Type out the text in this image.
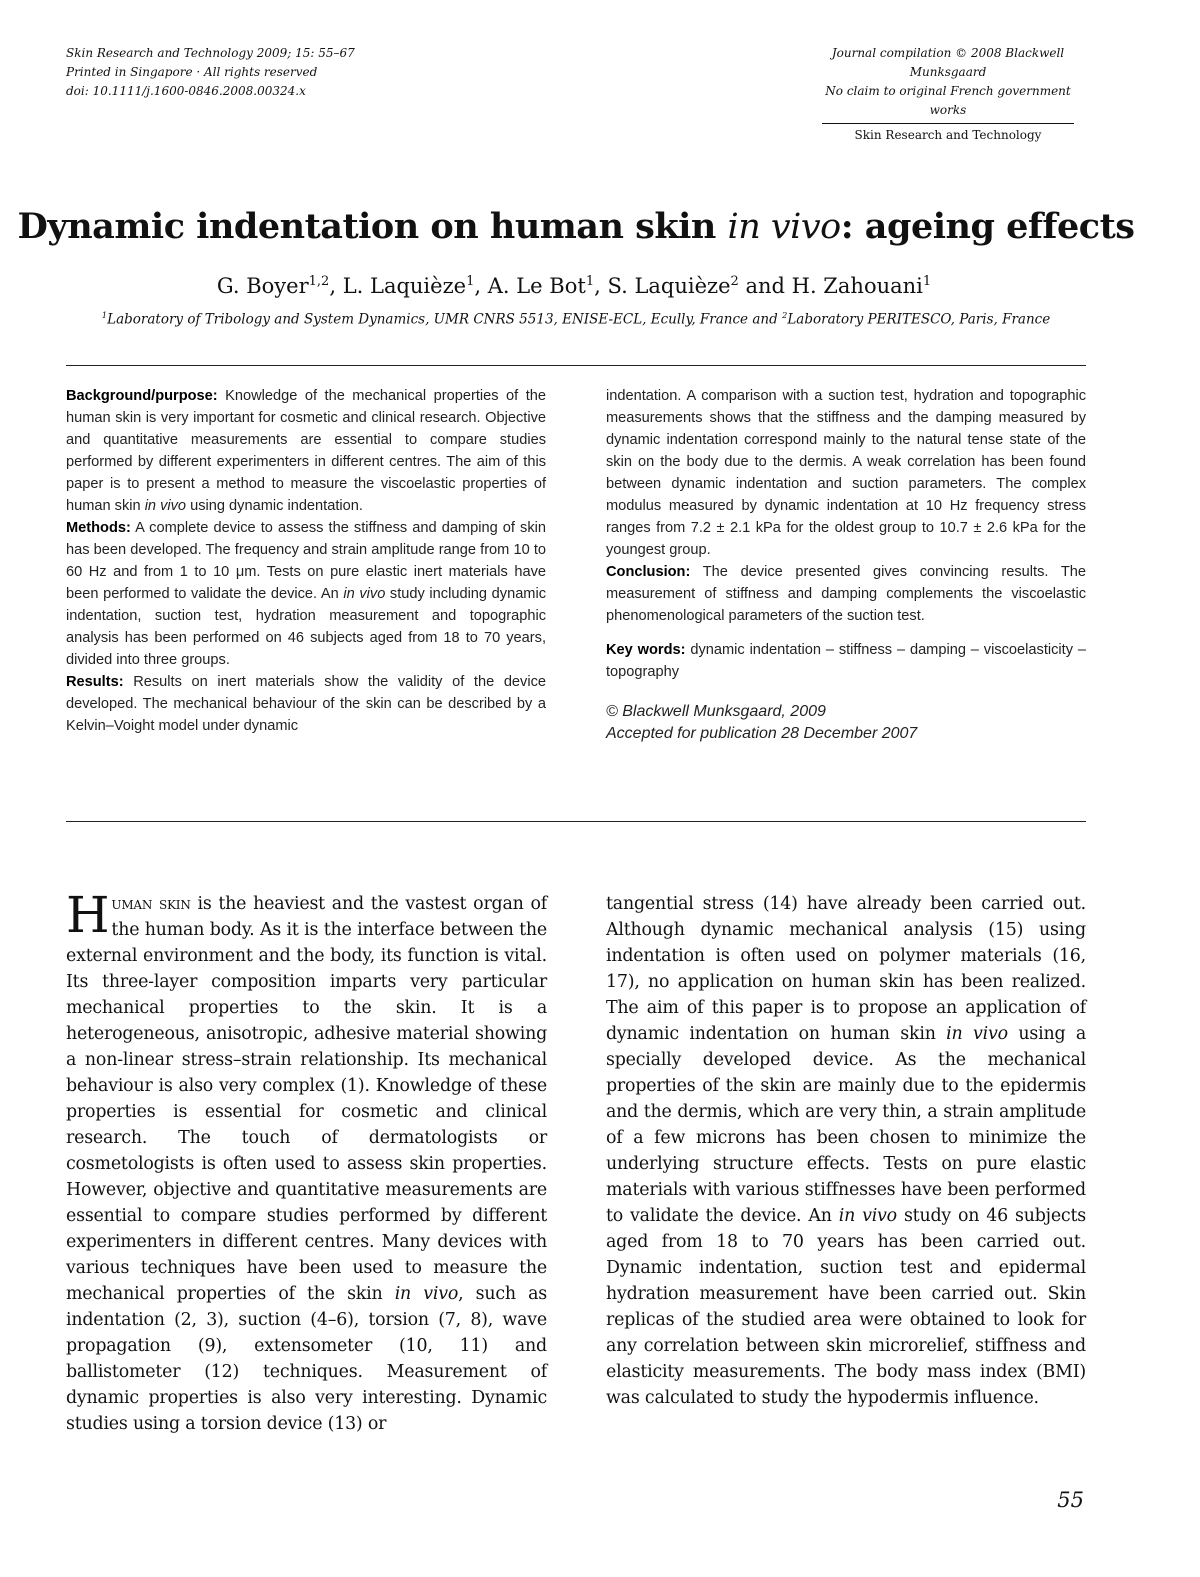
Skin Research and Technology 2009; 15: 55–67
Printed in Singapore · All rights reserved
doi: 10.1111/j.1600-0846.2008.00324.x
Journal compilation © 2008 Blackwell Munksgaard
No claim to original French government works
Skin Research and Technology
Dynamic indentation on human skin in vivo: ageing effects
G. Boyer$^{1,2}$, L. Laquièze$^1$, A. Le Bot$^1$, S. Laquièze$^2$ and H. Zahouani$^1$
$^1$Laboratory of Tribology and System Dynamics, UMR CNRS 5513, ENISE-ECL, Ecully, France and $^2$Laboratory PERITESCO, Paris, France

Background/purpose: Knowledge of the mechanical properties of the human skin is very important for cosmetic and clinical research. Objective and quantitative measurements are essential to compare studies performed by different experimenters in different centres. The aim of this paper is to present a method to measure the viscoelastic properties of human skin in vivo using dynamic indentation.

Methods: A complete device to assess the stiffness and damping of skin has been developed. The frequency and strain amplitude range from 10 to 60 Hz and from 1 to 10 μm. Tests on pure elastic inert materials have been performed to validate the device. An in vivo study including dynamic indentation, suction test, hydration measurement and topographic analysis has been performed on 46 subjects aged from 18 to 70 years, divided into three groups.

Results: Results on inert materials show the validity of the device developed. The mechanical behaviour of the skin can be described by a Kelvin–Voight model under dynamic

indentation. A comparison with a suction test, hydration and topographic measurements shows that the stiffness and the damping measured by dynamic indentation correspond mainly to the natural tense state of the skin on the body due to the dermis. A weak correlation has been found between dynamic indentation and suction parameters. The complex modulus measured by dynamic indentation at 10 Hz frequency stress ranges from 7.2 ± 2.1 kPa for the oldest group to 10.7 ± 2.6 kPa for the youngest group.

Conclusion: The device presented gives convincing results. The measurement of stiffness and damping complements the viscoelastic phenomenological parameters of the suction test.

Key words: dynamic indentation – stiffness – damping – viscoelasticity – topography

© Blackwell Munksgaard, 2009
Accepted for publication 28 December 2007

Human skin is the heaviest and the vastest organ of the human body. As it is the interface between the external environment and the body, its function is vital. Its three-layer composition imparts very particular mechanical properties to the skin. It is a heterogeneous, anisotropic, adhesive material showing a non-linear stress–strain relationship. Its mechanical behaviour is also very complex (1). Knowledge of these properties is essential for cosmetic and clinical research. The touch of dermatologists or cosmetologists is often used to assess skin properties. However, objective and quantitative measurements are essential to compare studies performed by different experimenters in different centres. Many devices with various techniques have been used to measure the mechanical properties of the skin in vivo, such as indentation (2, 3), suction (4–6), torsion (7, 8), wave propagation (9), extensometer (10, 11) and ballistometer (12) techniques. Measurement of dynamic properties is also very interesting. Dynamic studies using a torsion device (13) or

tangential stress (14) have already been carried out. Although dynamic mechanical analysis (15) using indentation is often used on polymer materials (16, 17), no application on human skin has been realized. The aim of this paper is to propose an application of dynamic indentation on human skin in vivo using a specially developed device. As the mechanical properties of the skin are mainly due to the epidermis and the dermis, which are very thin, a strain amplitude of a few microns has been chosen to minimize the underlying structure effects. Tests on pure elastic materials with various stiffnesses have been performed to validate the device. An in vivo study on 46 subjects aged from 18 to 70 years has been carried out. Dynamic indentation, suction test and epidermal hydration measurement have been carried out. Skin replicas of the studied area were obtained to look for any correlation between skin microrelief, stiffness and elasticity measurements. The body mass index (BMI) was calculated to study the hypodermis influence.

55
